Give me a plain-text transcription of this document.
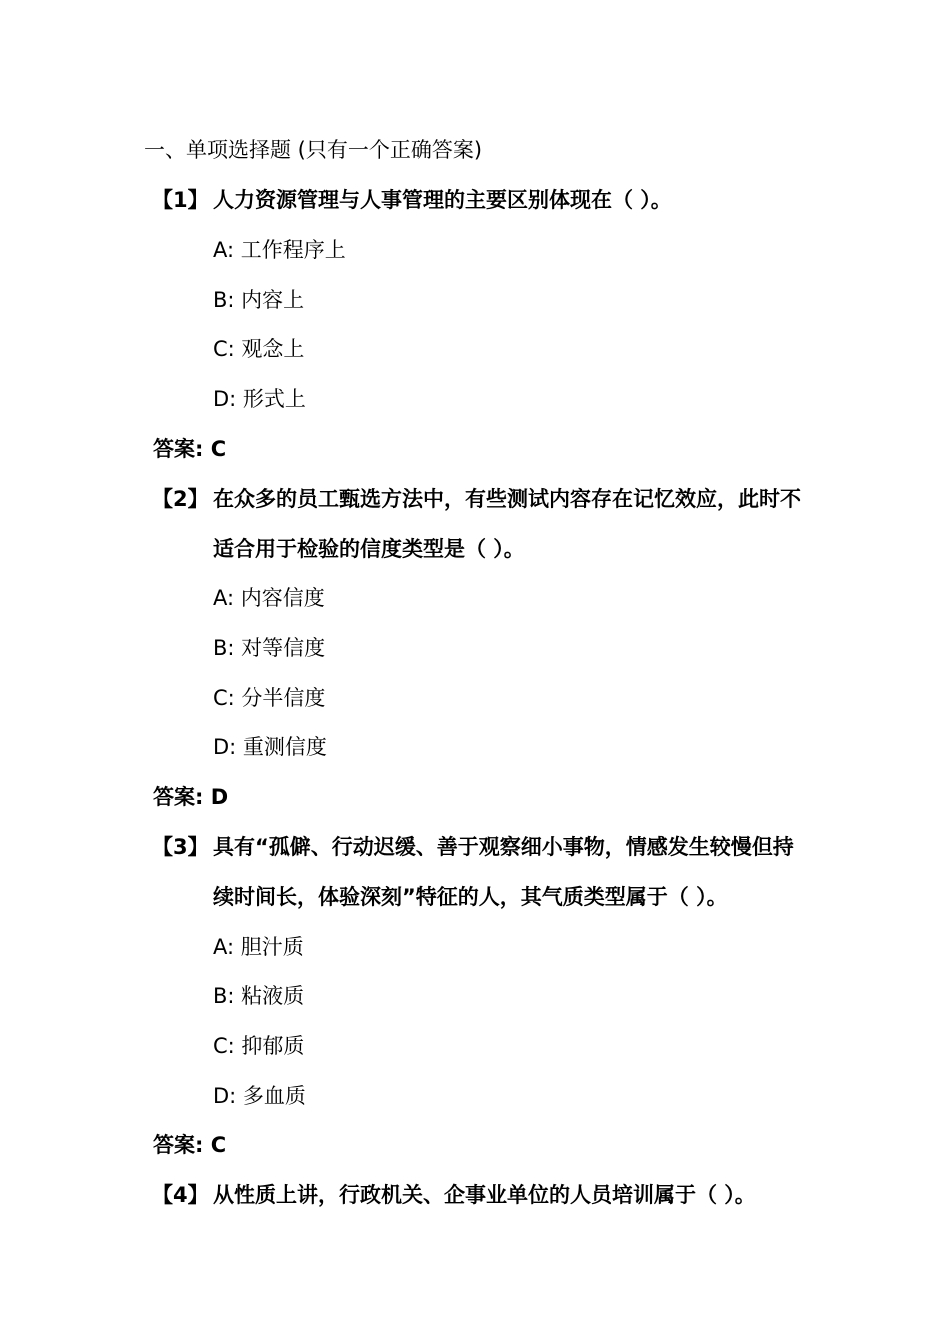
一、单项选择题 (只有一个正确答案)
【1】 人力资源管理与人事管理的主要区别体现在（ ）。
A: 工作程序上
B: 内容上
C: 观念上
D: 形式上
答案: C
【2】 在众多的员工甄选方法中，有些测试内容存在记忆效应，此时不
适合用于检验的信度类型是（ ）。
A: 内容信度
B: 对等信度
C: 分半信度
D: 重测信度
答案: D
【3】 具有“孤僻、行动迟缓、善于观察细小事物，情感发生较慢但持
续时间长，体验深刻”特征的人，其气质类型属于（ ）。
A: 胆汁质
B: 粘液质
C: 抑郁质
D: 多血质
答案: C
【4】 从性质上讲，行政机关、企事业单位的人员培训属于（ ）。
